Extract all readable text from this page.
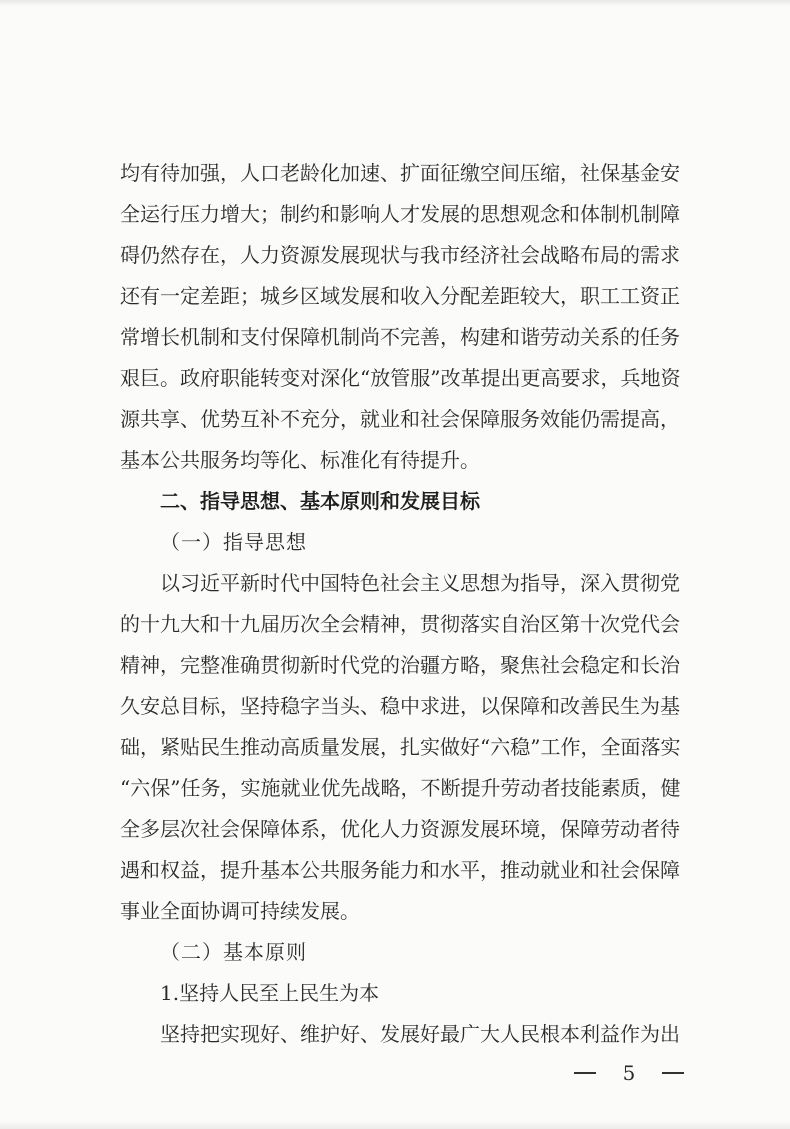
均有待加强，人口老龄化加速、扩面征缴空间压缩，社保基金安
全运行压力增大；制约和影响人才发展的思想观念和体制机制障
碍仍然存在，人力资源发展现状与我市经济社会战略布局的需求
还有一定差距；城乡区域发展和收入分配差距较大，职工工资正
常增长机制和支付保障机制尚不完善，构建和谐劳动关系的任务
艰巨。政府职能转变对深化“放管服”改革提出更高要求，兵地资
源共享、优势互补不充分，就业和社会保障服务效能仍需提高，
基本公共服务均等化、标准化有待提升。
二、指导思想、基本原则和发展目标
（一）指导思想
以习近平新时代中国特色社会主义思想为指导，深入贯彻党
的十九大和十九届历次全会精神，贯彻落实自治区第十次党代会
精神，完整准确贯彻新时代党的治疆方略，聚焦社会稳定和长治
久安总目标，坚持稳字当头、稳中求进，以保障和改善民生为基
础，紧贴民生推动高质量发展，扎实做好“六稳”工作，全面落实
“六保”任务，实施就业优先战略，不断提升劳动者技能素质，健
全多层次社会保障体系，优化人力资源发展环境，保障劳动者待
遇和权益，提升基本公共服务能力和水平，推动就业和社会保障
事业全面协调可持续发展。
（二）基本原则
1.坚持人民至上民生为本
坚持把实现好、维护好、发展好最广大人民根本利益作为出
5
